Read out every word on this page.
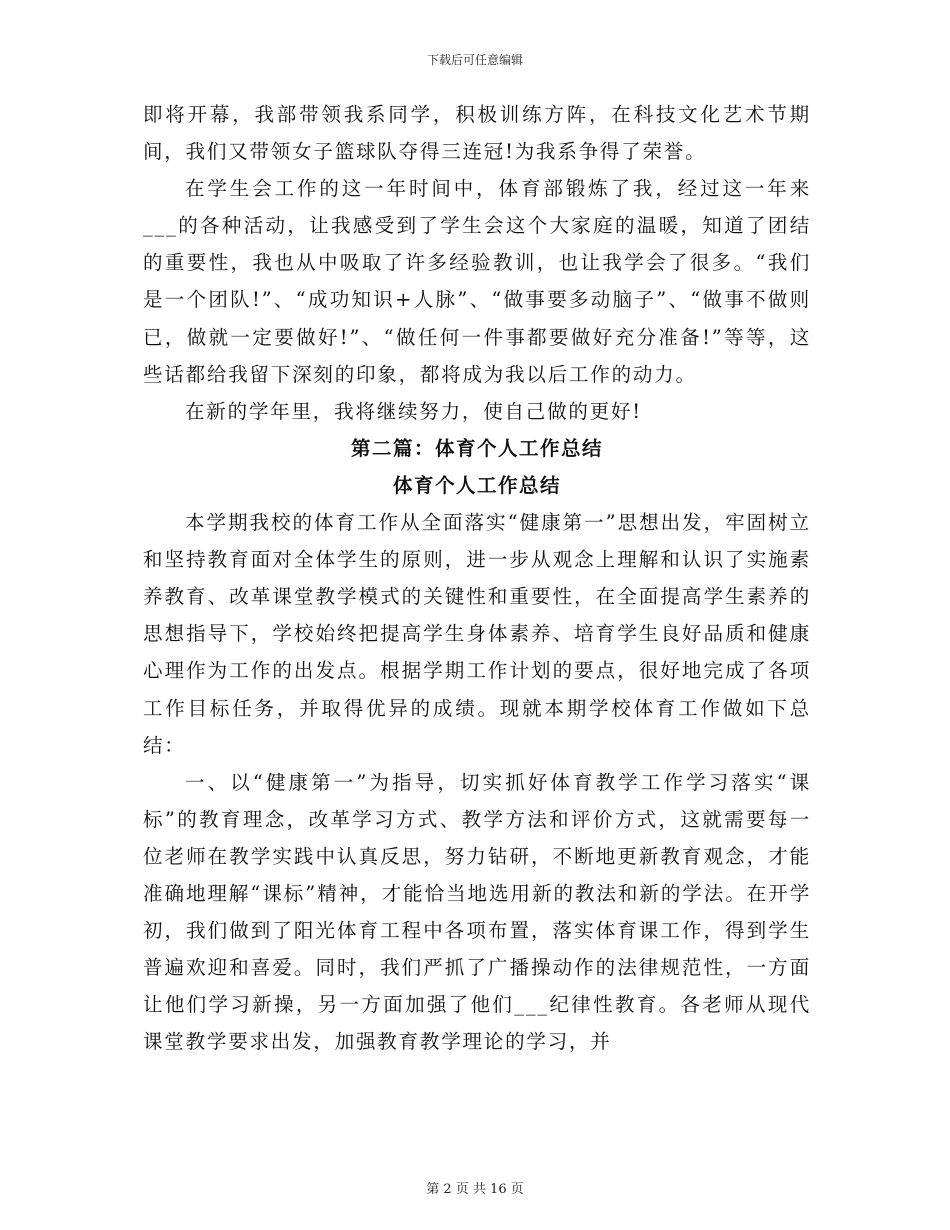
下载后可任意编辑

即将开幕，我部带领我系同学，积极训练方阵，在科技文化艺术节期间，我们又带领女子篮球队夺得三连冠!为我系争得了荣誉。

在学生会工作的这一年时间中，体育部锻炼了我，经过这一年来___的各种活动，让我感受到了学生会这个大家庭的温暖，知道了团结的重要性，我也从中吸取了许多经验教训，也让我学会了很多。“我们是一个团队!”、“成功知识+人脉”、“做事要多动脑子”、“做事不做则已，做就一定要做好!”、“做任何一件事都要做好充分准备!”等等，这些话都给我留下深刻的印象，都将成为我以后工作的动力。

在新的学年里，我将继续努力，使自己做的更好!

第二篇：体育个人工作总结
体育个人工作总结

本学期我校的体育工作从全面落实“健康第一”思想出发，牢固树立和坚持教育面对全体学生的原则，进一步从观念上理解和认识了实施素养教育、改革课堂教学模式的关键性和重要性，在全面提高学生素养的思想指导下，学校始终把提高学生身体素养、培育学生良好品质和健康心理作为工作的出发点。根据学期工作计划的要点，很好地完成了各项工作目标任务，并取得优异的成绩。现就本期学校体育工作做如下总结：

一、以“健康第一”为指导，切实抓好体育教学工作学习落实“课标”的教育理念，改革学习方式、教学方法和评价方式，这就需要每一位老师在教学实践中认真反思，努力钻研，不断地更新教育观念，才能准确地理解“课标”精神，才能恰当地选用新的教法和新的学法。在开学初，我们做到了阳光体育工程中各项布置，落实体育课工作，得到学生普遍欢迎和喜爱。同时，我们严抓了广播操动作的法律规范性，一方面让他们学习新操，另一方面加强了他们___纪律性教育。各老师从现代课堂教学要求出发，加强教育教学理论的学习，并

第 2 页 共 16 页
